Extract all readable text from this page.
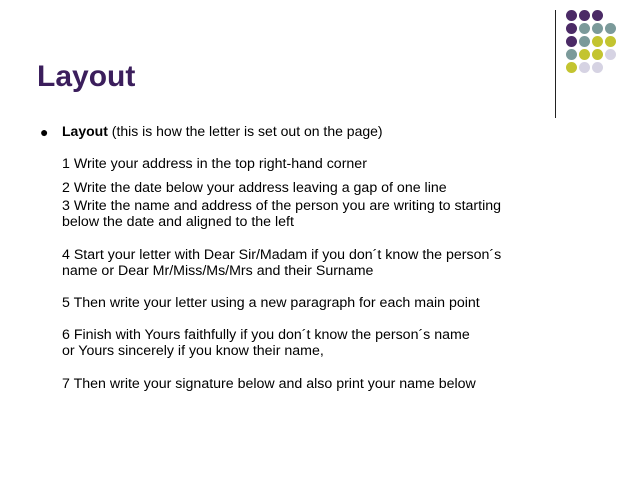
Layout
● Layout (this is how the letter is set out on the page)
1 Write your address in the top right-hand corner
2 Write the date below your address leaving a gap of one line
3 Write the name and address of the person you are writing to starting
below the date and aligned to the left
4 Start your letter with Dear Sir/Madam if you don´t know the person´s
name or Dear Mr/Miss/Ms/Mrs and their Surname
5 Then write your letter using a new paragraph for each main point
6 Finish with Yours faithfully if you don´t know the person´s name
or Yours sincerely if you know their name,
7 Then write your signature below and also print your name below
